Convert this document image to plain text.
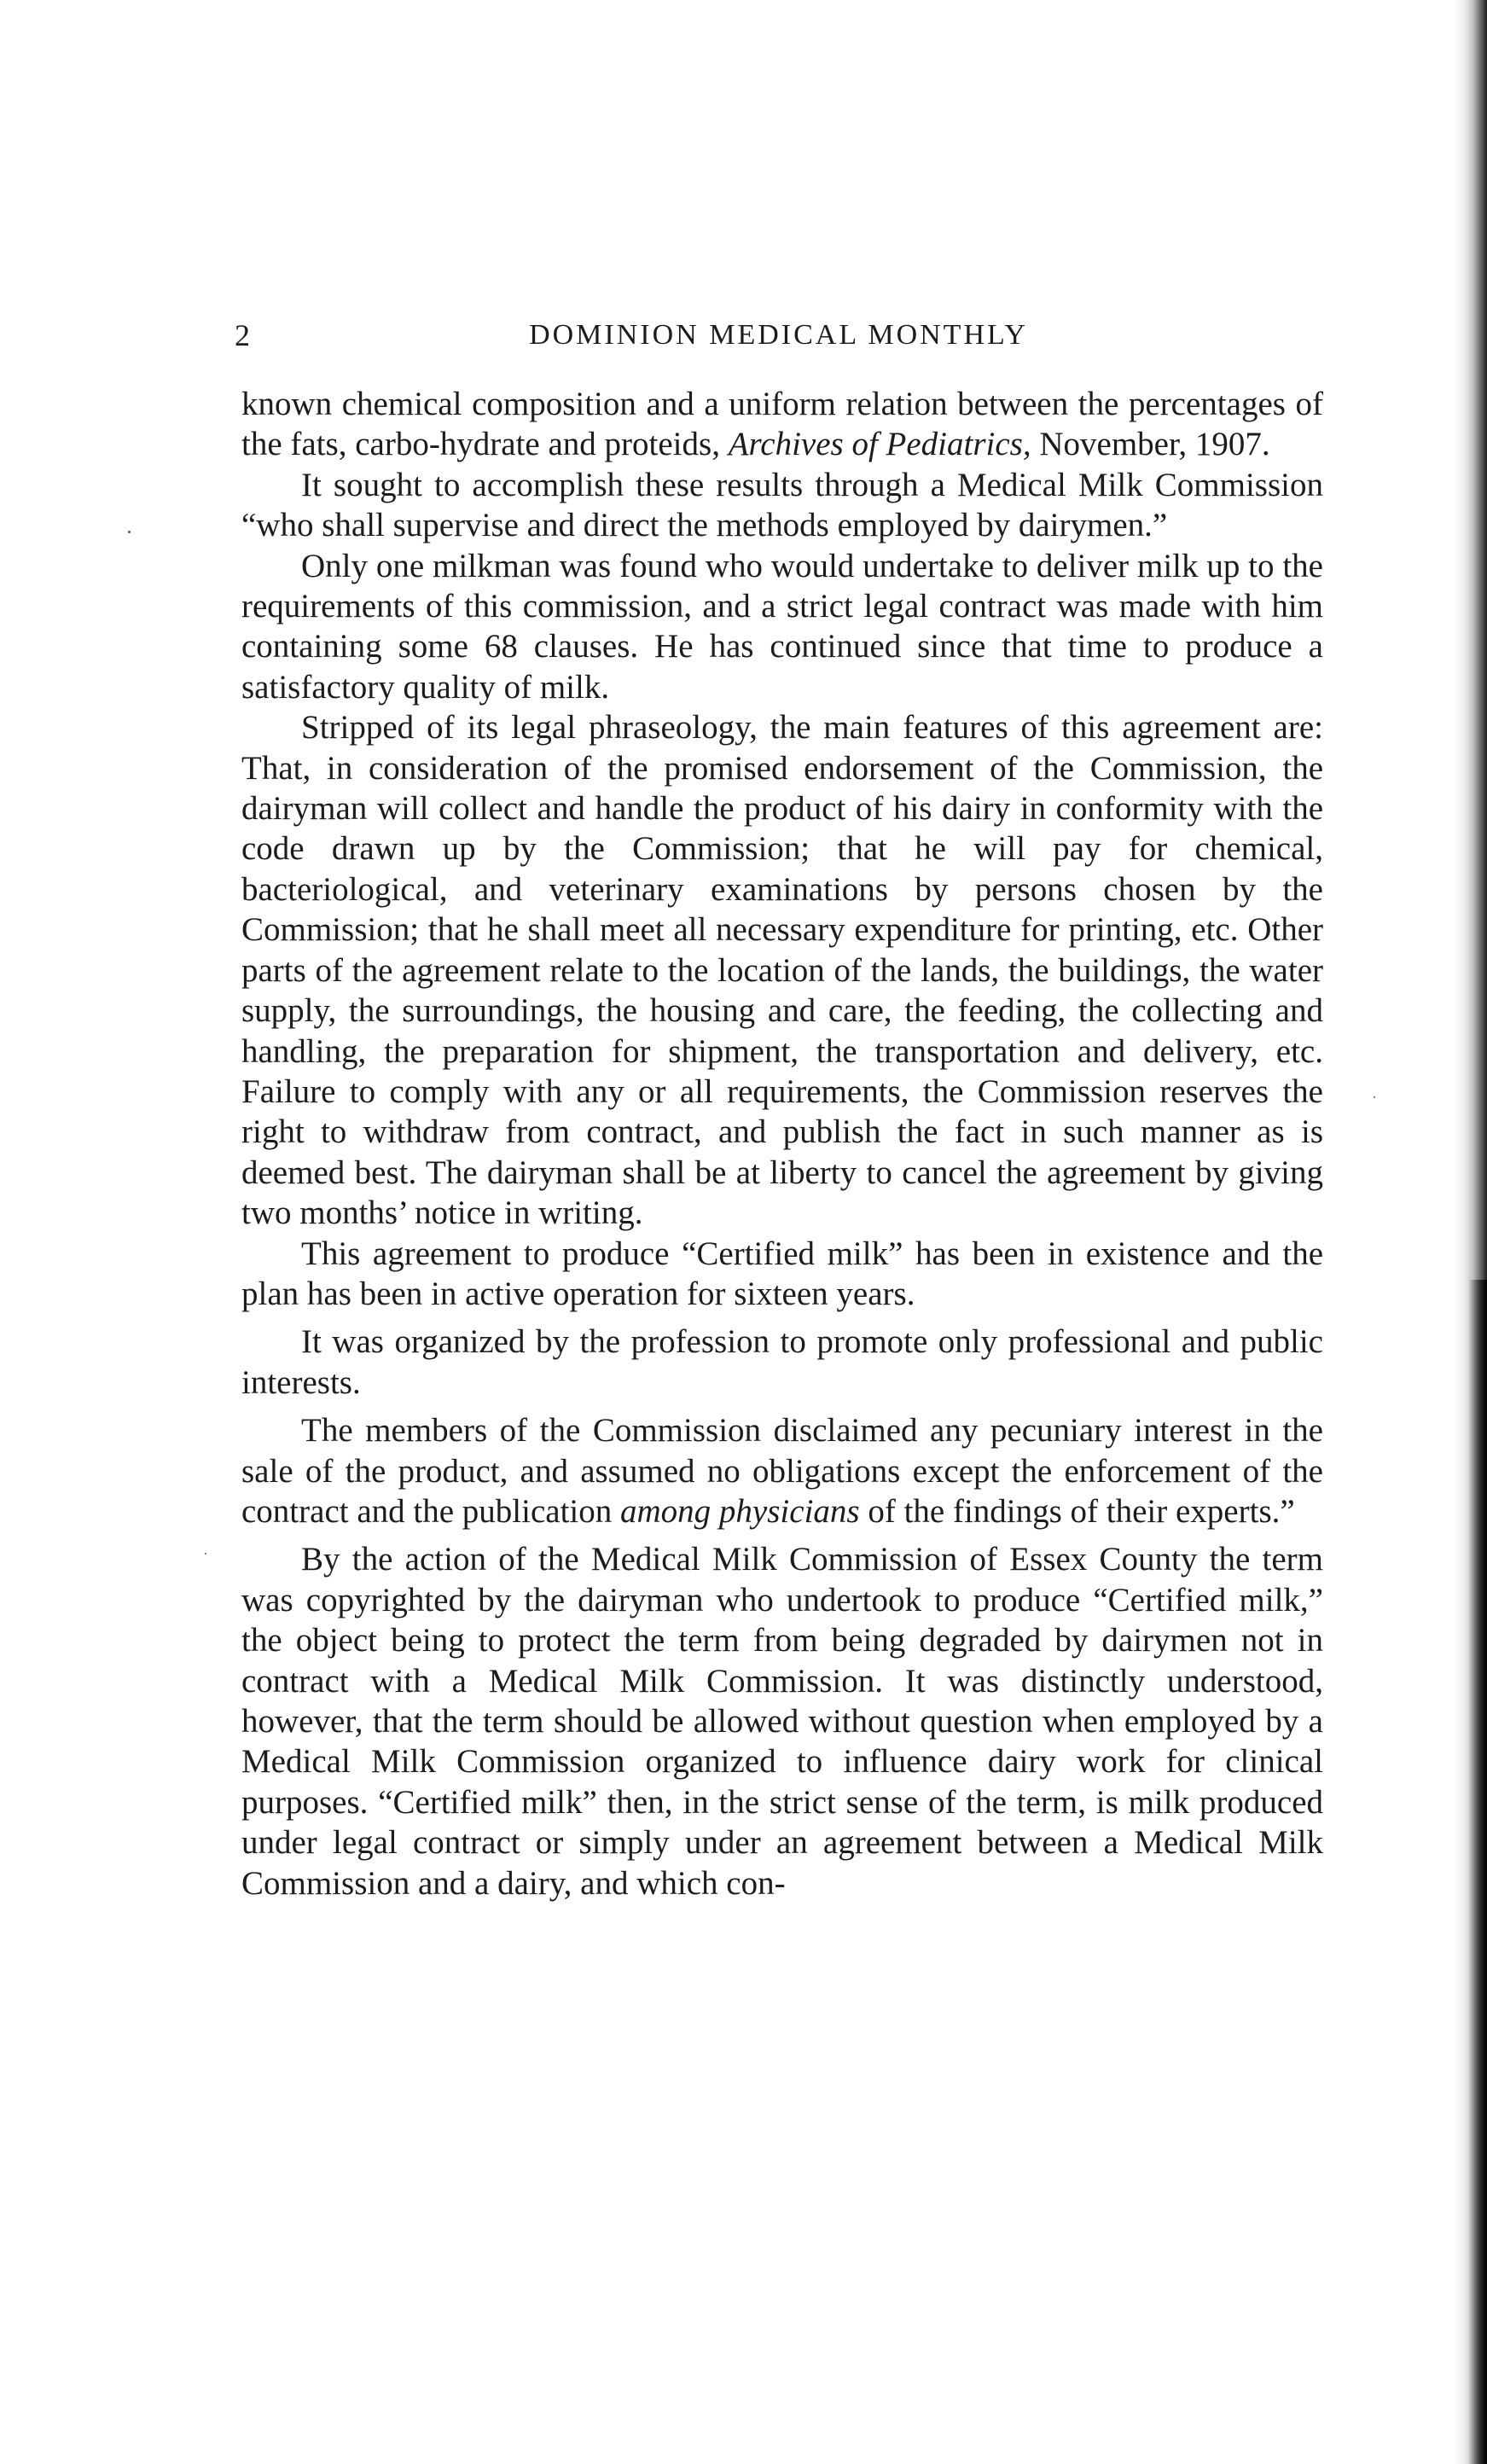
2	DOMINION MEDICAL MONTHLY

known chemical composition and a uniform relation between the percentages of the fats, carbo-hydrate and proteids, Archives of Pediatrics, November, 1907.

It sought to accomplish these results through a Medical Milk Commission “who shall supervise and direct the methods employed by dairymen.”

Only one milkman was found who would undertake to deliver milk up to the requirements of this commission, and a strict legal contract was made with him containing some 68 clauses. He has continued since that time to produce a satisfactory quality of milk.

Stripped of its legal phraseology, the main features of this agreement are: That, in consideration of the promised endorsement of the Commission, the dairyman will collect and handle the product of his dairy in conformity with the code drawn up by the Commission; that he will pay for chemical, bacteriological, and veterinary examinations by persons chosen by the Commission; that he shall meet all necessary expenditure for printing, etc. Other parts of the agreement relate to the location of the lands, the buildings, the water supply, the surroundings, the housing and care, the feeding, the collecting and handling, the preparation for shipment, the transportation and delivery, etc. Failure to comply with any or all requirements, the Commission reserves the right to withdraw from contract, and publish the fact in such manner as is deemed best. The dairyman shall be at liberty to cancel the agreement by giving two months’ notice in writing.

This agreement to produce “Certified milk” has been in existence and the plan has been in active operation for sixteen years.

It was organized by the profession to promote only professional and public interests.

The members of the Commission disclaimed any pecuniary interest in the sale of the product, and assumed no obligations except the enforcement of the contract and the publication among physicians of the findings of their experts.”

By the action of the Medical Milk Commission of Essex County the term was copyrighted by the dairyman who undertook to produce “Certified milk,” the object being to protect the term from being degraded by dairymen not in contract with a Medical Milk Commission. It was distinctly understood, however, that the term should be allowed without question when employed by a Medical Milk Commission organized to influence dairy work for clinical purposes. “Certified milk” then, in the strict sense of the term, is milk produced under legal contract or simply under an agreement between a Medical Milk Commission and a dairy, and which con-
